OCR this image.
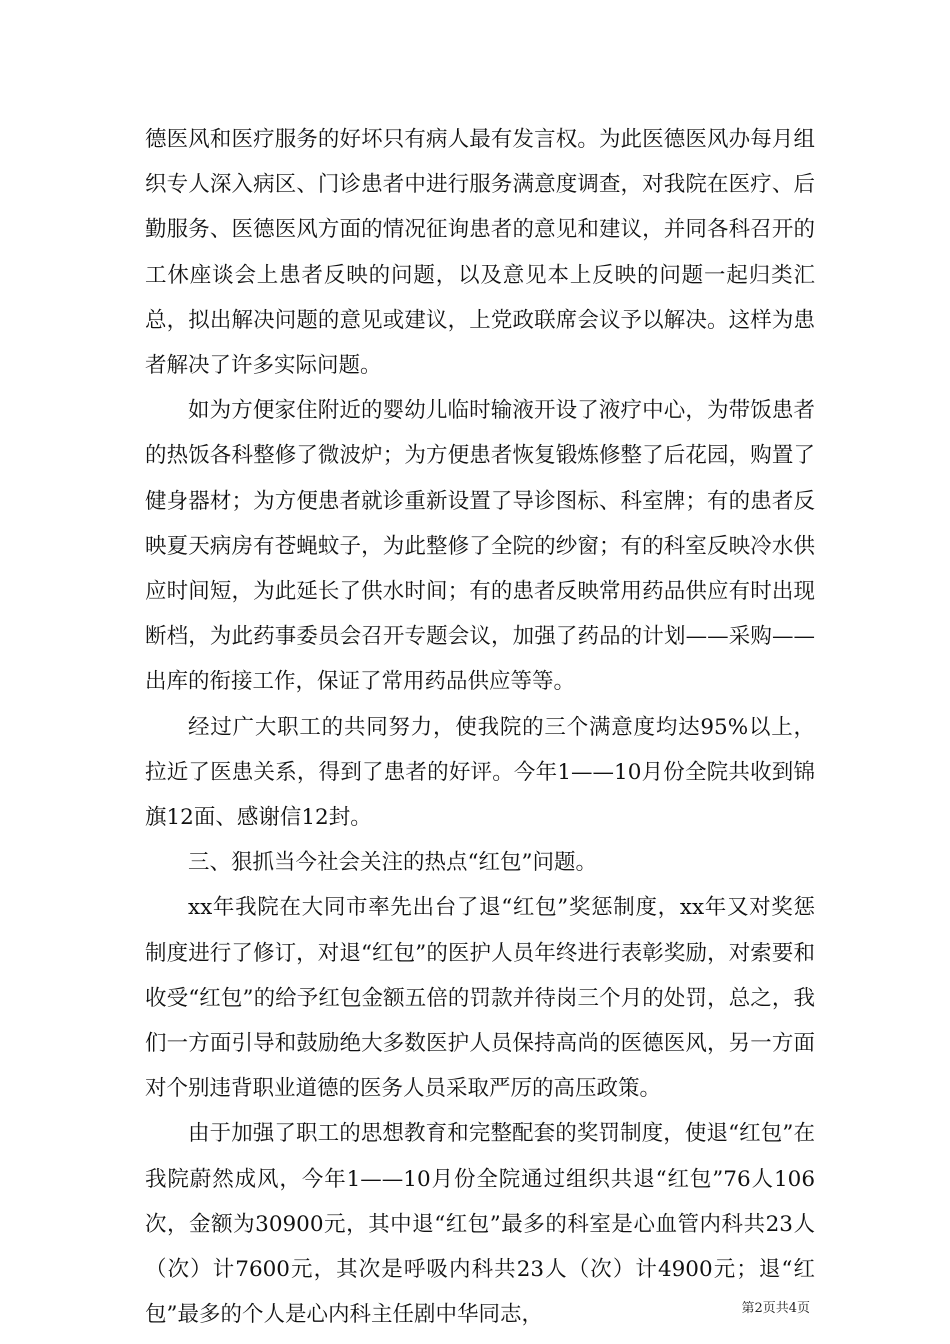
德医风和医疗服务的好坏只有病人最有发言权。为此医德医风办每月组织专人深入病区、门诊患者中进行服务满意度调查，对我院在医疗、后勤服务、医德医风方面的情况征询患者的意见和建议，并同各科召开的工休座谈会上患者反映的问题，以及意见本上反映的问题一起归类汇总，拟出解决问题的意见或建议，上党政联席会议予以解决。这样为患者解决了许多实际问题。

如为方便家住附近的婴幼儿临时输液开设了液疗中心，为带饭患者的热饭各科整修了微波炉；为方便患者恢复锻炼修整了后花园，购置了健身器材；为方便患者就诊重新设置了导诊图标、科室牌；有的患者反映夏天病房有苍蝇蚊子，为此整修了全院的纱窗；有的科室反映冷水供应时间短，为此延长了供水时间；有的患者反映常用药品供应有时出现断档，为此药事委员会召开专题会议，加强了药品的计划——采购——出库的衔接工作，保证了常用药品供应等等。

经过广大职工的共同努力，使我院的三个满意度均达95%以上，拉近了医患关系，得到了患者的好评。今年1——10月份全院共收到锦旗12面、感谢信12封。

三、狠抓当今社会关注的热点“红包”问题。

xx年我院在大同市率先出台了退“红包”奖惩制度，xx年又对奖惩制度进行了修订，对退“红包”的医护人员年终进行表彰奖励，对索要和收受“红包”的给予红包金额五倍的罚款并待岗三个月的处罚，总之，我们一方面引导和鼓励绝大多数医护人员保持高尚的医德医风，另一方面对个别违背职业道德的医务人员采取严厉的高压政策。

由于加强了职工的思想教育和完整配套的奖罚制度，使退“红包”在我院蔚然成风，今年1——10月份全院通过组织共退“红包”76人106次，金额为30900元，其中退“红包”最多的科室是心血管内科共23人（次）计7600元，其次是呼吸内科共23人（次）计4900元；退“红包”最多的个人是心内科主任剧中华同志，	第2页共4页
